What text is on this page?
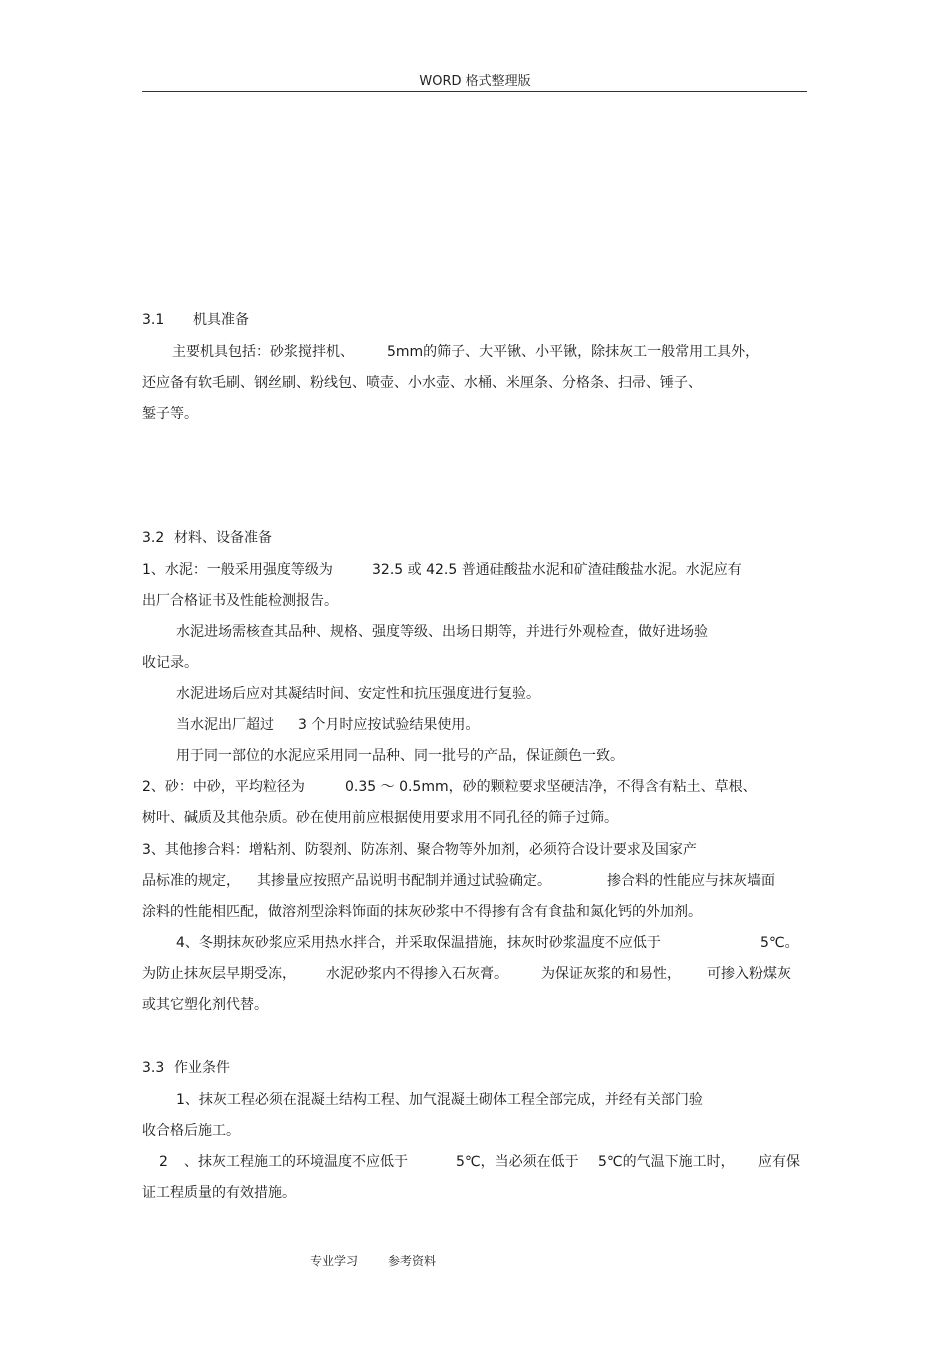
WORD 格式整理版
3.1 机具准备
主要机具包括：砂浆搅拌机、 5mm的筛子、大平锹、小平锹，除抹灰工一般常用工具外，
还应备有软毛刷、钢丝刷、粉线包、喷壶、小水壶、水桶、米厘条、分格条、扫帚、锤子、
錾子等。
3.2 材料、设备准备
1、水泥：一般采用强度等级为	32.5 或 42.5 普通硅酸盐水泥和矿渣硅酸盐水泥。水泥应有
出厂合格证书及性能检测报告。
水泥进场需核查其品种、规格、强度等级、出场日期等，并进行外观检查，做好进场验
收记录。
水泥进场后应对其凝结时间、安定性和抗压强度进行复验。
当水泥出厂超过 3 个月时应按试验结果使用。
用于同一部位的水泥应采用同一品种、同一批号的产品，保证颜色一致。
2、砂：中砂，平均粒径为	0.35 ～ 0.5mm，砂的颗粒要求坚硬洁净，不得含有粘土、草根、
树叶、碱质及其他杂质。砂在使用前应根据使用要求用不同孔径的筛子过筛。
3、其他掺合料：增粘剂、防裂剂、防冻剂、聚合物等外加剂，必须符合设计要求及国家产
品标准的规定， 其掺量应按照产品说明书配制并通过试验确定。	掺合料的性能应与抹灰墙面
涂料的性能相匹配，做溶剂型涂料饰面的抹灰砂浆中不得掺有含有食盐和氮化钙的外加剂。
4、冬期抹灰砂浆应采用热水拌合，并采取保温措施，抹灰时砂浆温度不应低于	5℃。
为防止抹灰层早期受冻， 水泥砂浆内不得掺入石灰膏。 为保证灰浆的和易性， 可掺入粉煤灰
或其它塑化剂代替。
3.3 作业条件
1、抹灰工程必须在混凝土结构工程、加气混凝土砌体工程全部完成，并经有关部门验
收合格后施工。
2 、抹灰工程施工的环境温度不应低于	5℃，当必须在低于 5℃的气温下施工时， 应有保
证工程质量的有效措施。
专业学习 参考资料
